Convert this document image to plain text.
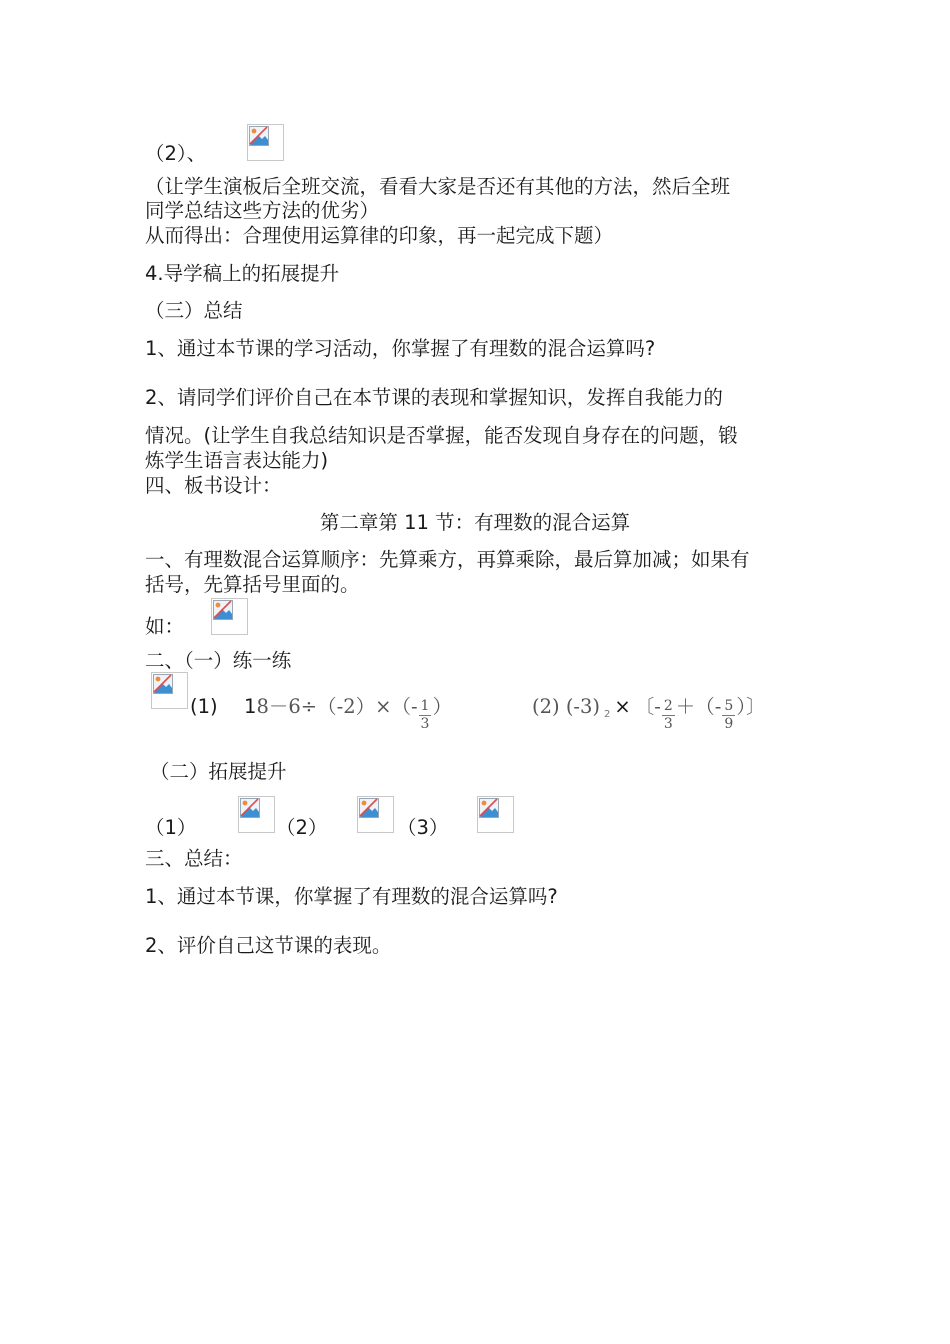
（2）、
（让学生演板后全班交流，看看大家是否还有其他的方法，然后全班
同学总结这些方法的优劣）
从而得出：合理使用运算律的印象，再一起完成下题）
4.导学稿上的拓展提升
（三）总结
1、通过本节课的学习活动，你掌握了有理数的混合运算吗?
2、请同学们评价自己在本节课的表现和掌握知识，发挥自我能力的
情况。(让学生自我总结知识是否掌握，能否发现自身存在的问题，锻
炼学生语言表达能力)
四、板书设计：
第二章第 11 节：有理数的混合运算
一、有理数混合运算顺序：先算乘方，再算乘除，最后算加减；如果有
括号，先算括号里面的。
如：
二、（一）练一练
(1) $18-6\div(-2)\times(- \frac{1}{3}$ ）	(2) (-3) $_2$ × 〔- $\frac{2}{3}$ ＋（- $\frac{5}{9}$ ）〕
（二）拓展提升
（1）	（2）	（3）
三、总结：
1、通过本节课，你掌握了有理数的混合运算吗?
2、评价自己这节课的表现。
